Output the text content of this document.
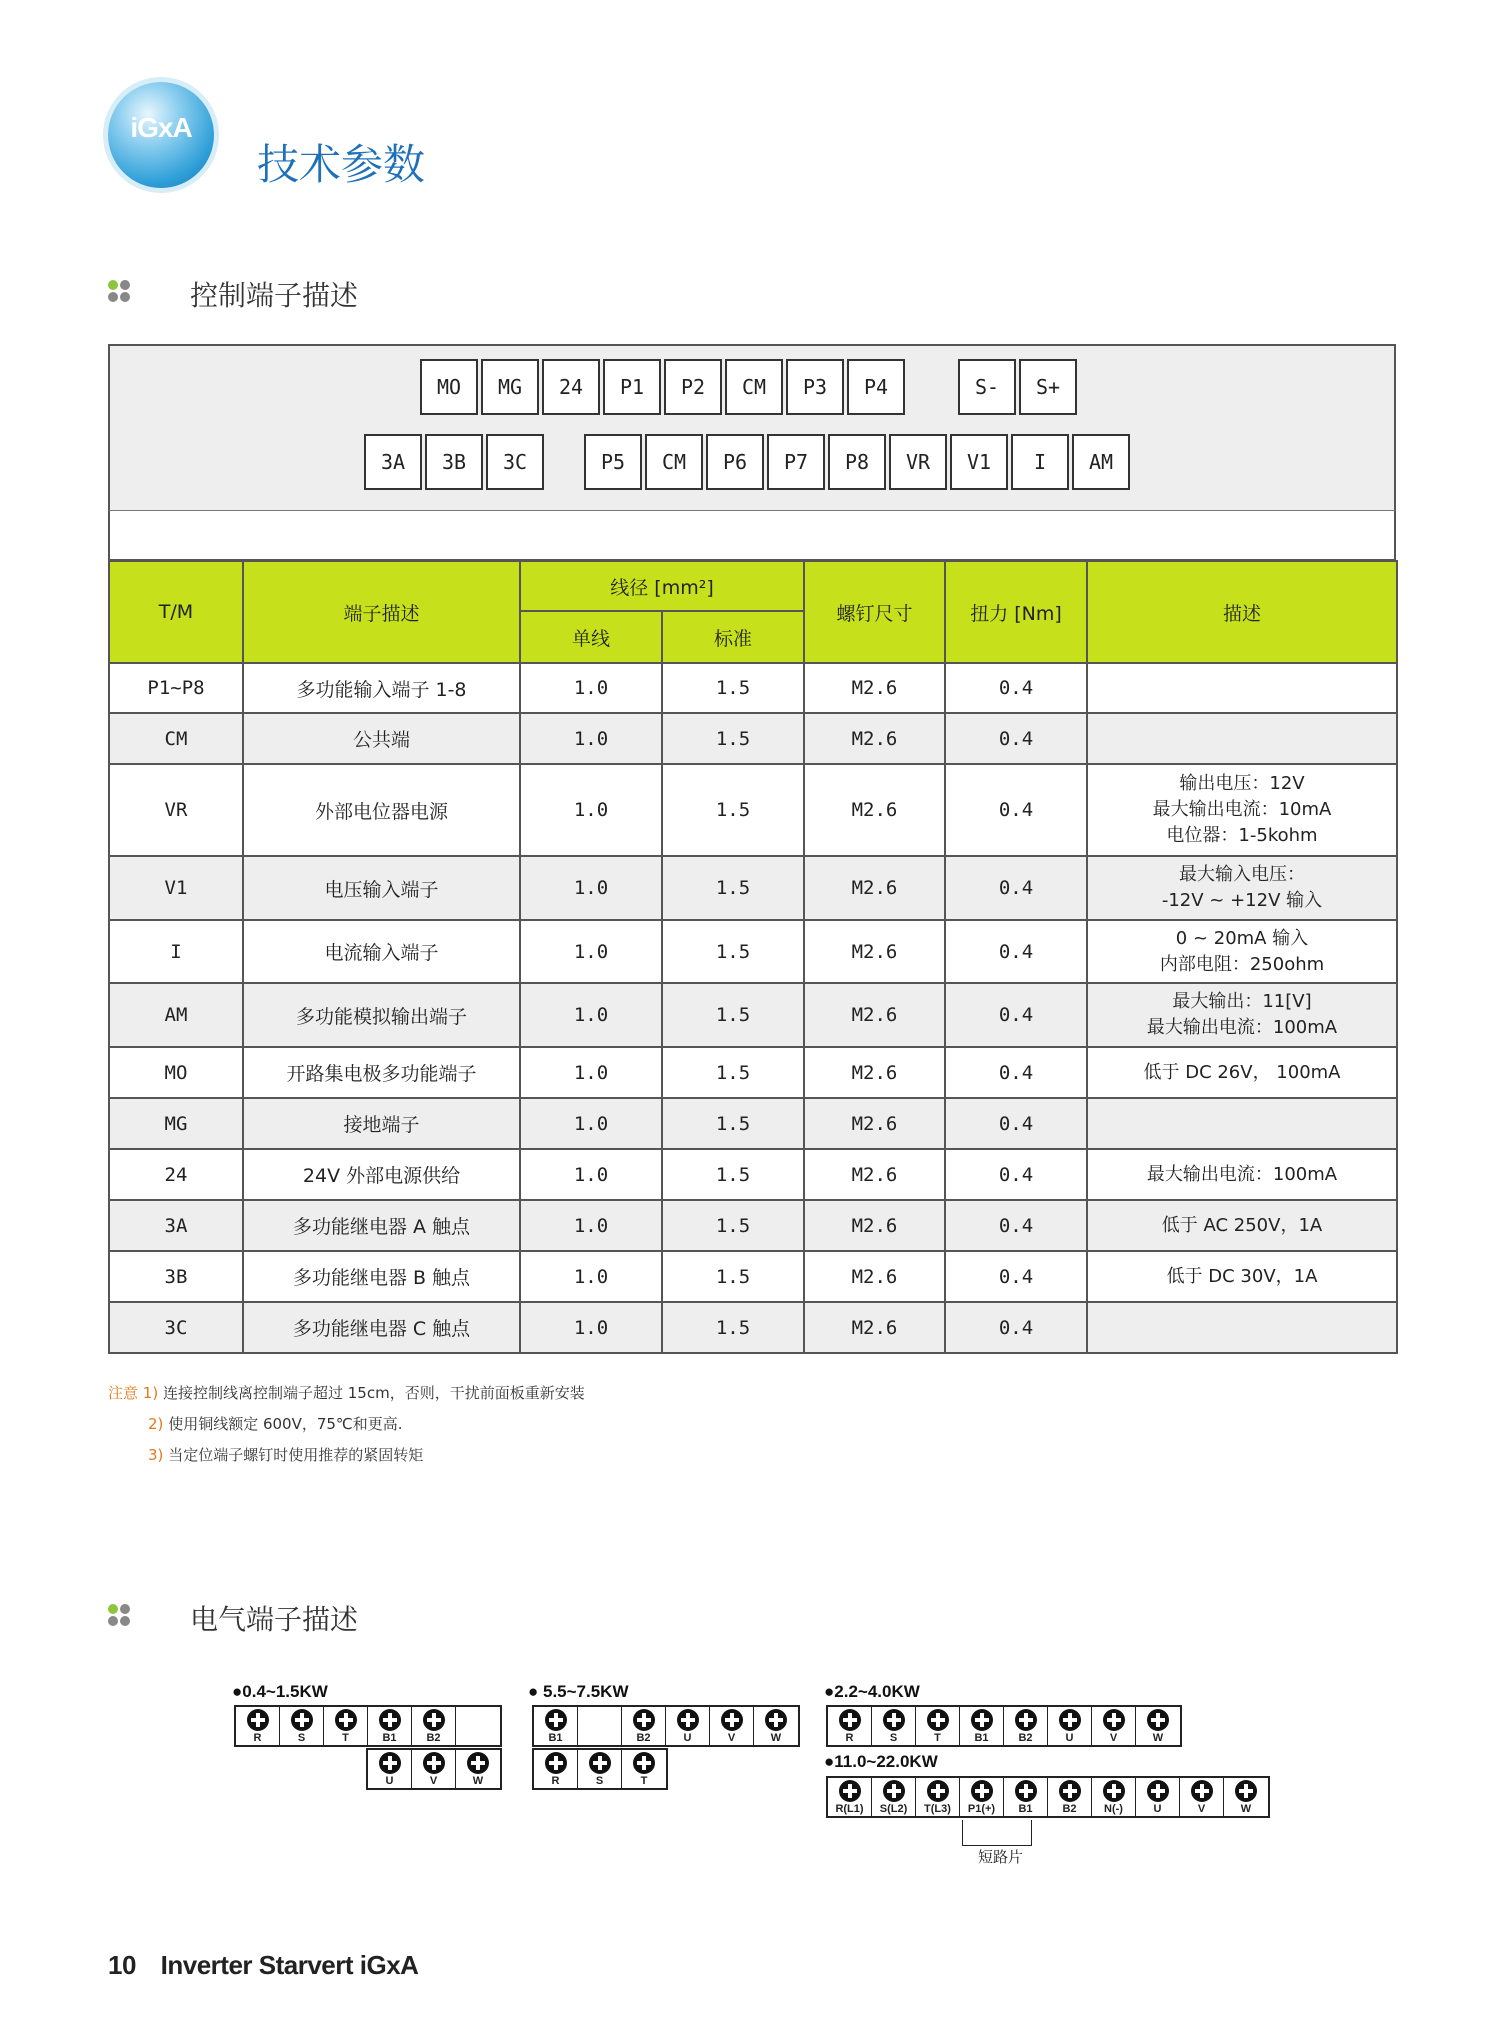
iGxA
技术参数
控制端子描述
MO	MG	24	P1	P2	CM	P3	P4	S-	S+
3A	3B	3C	P5	CM	P6	P7	P8	VR	V1	I	AM
T/M	端子描述	线径 [mm²]		螺钉尺寸	扭力 [Nm]	描述
		单线	标准			
P1~P8	多功能输入端子 1-8	1.0	1.5	M2.6	0.4	
CM	公共端	1.0	1.5	M2.6	0.4	
VR	外部电位器电源	1.0	1.5	M2.6	0.4	输出电压：12V
最大输出电流：10mA
电位器：1-5kohm

V1	电压输入端子	1.0	1.5	M2.6	0.4	最大输入电压：
-12V ~ +12V 输入

I	电流输入端子	1.0	1.5	M2.6	0.4	0 ~ 20mA 输入
内部电阻：250ohm

AM	多功能模拟输出端子	1.0	1.5	M2.6	0.4	最大输出：11[V]
最大输出电流：100mA

MO	开路集电极多功能端子	1.0	1.5	M2.6	0.4	低于 DC 26V， 100mA

MG	接地端子	1.0	1.5	M2.6	0.4	
24	24V 外部电源供给	1.0	1.5	M2.6	0.4	最大输出电流：100mA

3A	多功能继电器 A 触点	1.0	1.5	M2.6	0.4	低于 AC 250V，1A

3B	多功能继电器 B 触点	1.0	1.5	M2.6	0.4	低于 DC 30V，1A

3C	多功能继电器 C 触点	1.0	1.5	M2.6	0.4	
注意 1) 连接控制线离控制端子超过 15cm，否则，干扰前面板重新安装
2) 使用铜线额定 600V，75℃和更高.
3) 当定位端子螺钉时使用推荐的紧固转矩
电气端子描述
●0.4~1.5KW	● 5.5~7.5KW	●2.2~4.0KW
●11.0~22.0KW
R	S	T	B1	B2
U	V	W
B1	B2	U	V	W
R	S	T
R	S	T	B1	B2	U	V	W
R(L1)	S(L2)	T(L3)	P1(+)	B1	B2	N(-)	U	V	W
短路片
10 Inverter Starvert iGxA
